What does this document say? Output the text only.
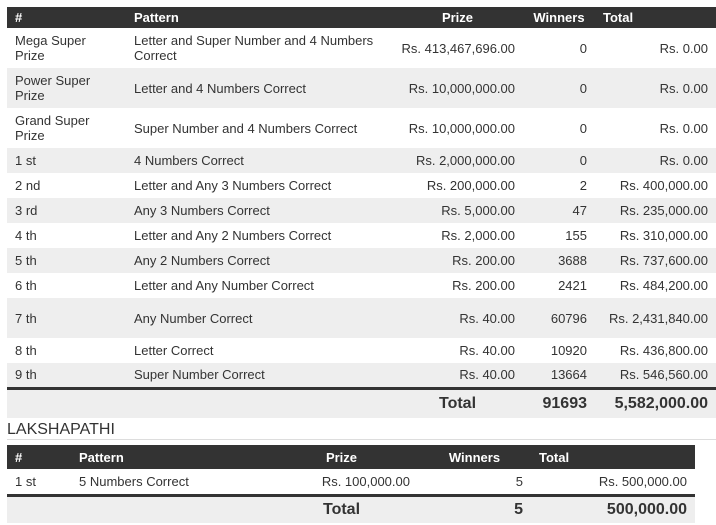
#	Pattern	Prize	Winners	Total
Mega Super Prize	Letter and Super Number and 4 Numbers Correct	Rs. 413,467,696.00	0	Rs. 0.00
Power Super Prize	Letter and 4 Numbers Correct	Rs. 10,000,000.00	0	Rs. 0.00
Grand Super Prize	Super Number and 4 Numbers Correct	Rs. 10,000,000.00	0	Rs. 0.00
1 st	4 Numbers Correct	Rs. 2,000,000.00	0	Rs. 0.00
2 nd	Letter and Any 3 Numbers Correct	Rs. 200,000.00	2	Rs. 400,000.00
3 rd	Any 3 Numbers Correct	Rs. 5,000.00	47	Rs. 235,000.00
4 th	Letter and Any 2 Numbers Correct	Rs. 2,000.00	155	Rs. 310,000.00
5 th	Any 2 Numbers Correct	Rs. 200.00	3688	Rs. 737,600.00
6 th	Letter and Any Number Correct	Rs. 200.00	2421	Rs. 484,200.00
7 th	Any Number Correct	Rs. 40.00	60796	Rs. 2,431,840.00
8 th	Letter Correct	Rs. 40.00	10920	Rs. 436,800.00
9 th	Super Number Correct	Rs. 40.00	13664	Rs. 546,560.00
		Total	91693	5,582,000.00
LAKSHAPATHI
#	Pattern	Prize	Winners	Total
1 st	5 Numbers Correct	Rs. 100,000.00	5	Rs. 500,000.00
		Total	5	500,000.00
